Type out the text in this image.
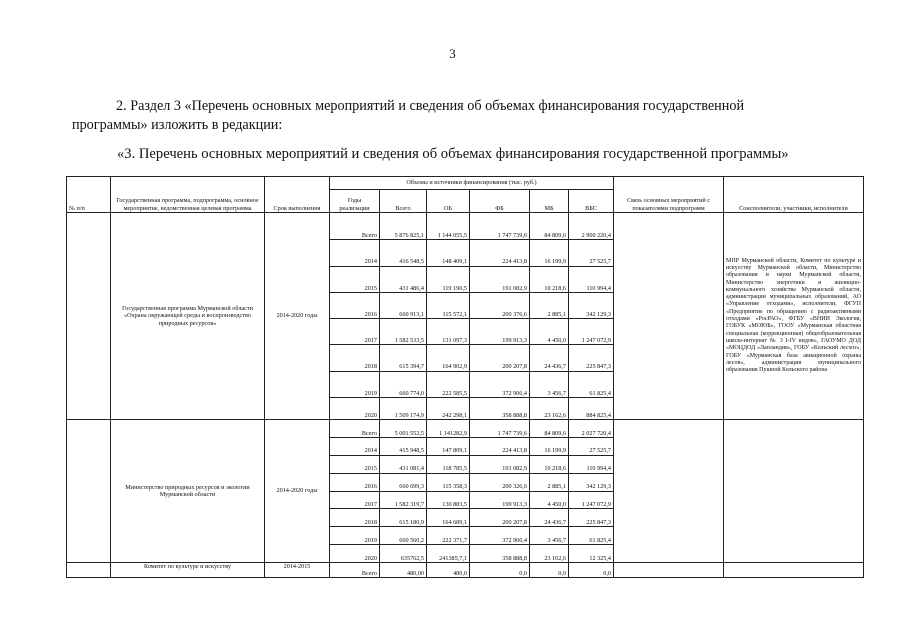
3
2. Раздел 3 «Перечень основных мероприятий и сведения об объемах финансирования государственной
программы» изложить в редакции:
«3. Перечень основных мероприятий и сведения об объемах финансирования государственной программы»
№ п/п	Государственная программа, подпрограмма, основное мероприятие, ведомственная целевая программа	Срок выполнения	Объемы и источники финансирования (тыс. руб.)						Связь основных мероприятий с показателями подпрограмм	Соисполнители, участники, исполнители
			Годы реализации	Всего	ОБ	ФБ	МБ	ВБС		
	Государственная программа Мурманской области «Охрана окружающей среды и воспроизводство природных ресурсов»	2014-2020 годы	Всего	5 876 825,1	1 144 055,5	1 747 739,6	84 809,6	2 900 220,4		МПР Мурманской области, Комитет по культуре и искусству Мурманской области, Министерство образования и науки Мурманской области, Министерство энергетики и жилищно-коммунального хозяйства Мурманской области, администрации муниципальных образований, АО «Управление отходами», исполнители, ФГУП «Предприятие по обращению с радиоактивными отходами «РосРАО», ФГБУ «ВНИИ Экология, ГОБУК «МОЮБ», ГООУ «Мурманская областная специальная (коррекционная) общеобразовательная школа-интернат № 3 I-IV видов», ГАОУМО ДОД «МОЦДОД «Лапландия», ГОБУ «Кольский лесхоз», ГОБУ «Мурманская база авиационной охраны лесов», администрация муниципального образования Пушной Кольского района
			2014	416 548,5	148 409,1	224 413,8	16 199,9	27 525,7		
			2015	431 486,4	119 190,5	191 082,9	10 218,6	110 994,4		
			2016	660 913,1	115 572,1	200 376,6	2 885,1	342 129,3		
			2017	1 582 533,5	131 097,3	199 913,3	4 450,0	1 247 072,9		
			2018	615 394,7	164 902,9	200 207,8	24 436,7	225 847,3		
			2019	660 774,0	222 585,5	372 906,4	3 456,7	61 825,4		
			2020	1 509 174,9	242 298,1	358 888,8	23 162,6	884 825,4		
	Министерство природных ресурсов и экологии Мурманской области	2014-2020 годы	Всего	5 001 552,5	1 141282,9	1 747 739,6	84 809,6	2 027 720,4		
			2014	415 948,5	147 809,1	224 413,8	16 199,9	27 525,7		
			2015	431 081,4	118 785,5	191 082,9	10 218,6	110 994,4		
			2016	660 699,3	115 358,3	200 326,6	2 885,1	342 129,3		
			2017	1 582 319,7	130 883,5	199 913,3	4 450,0	1 247 072,9		
			2018	615 180,9	164 689,1	200 207,8	24 436,7	225 847,3		
			2019	660 560,2	222 371,7	372 906,4	3 456,7	61 825,4		
			2020	635762,5	241385,7,1	358 888,8	23 162,6	12 325,4		
	Комитет по культуре и искусству	2014-2015	Всего	480,00	480,0	0,0	0,0	0,0		
